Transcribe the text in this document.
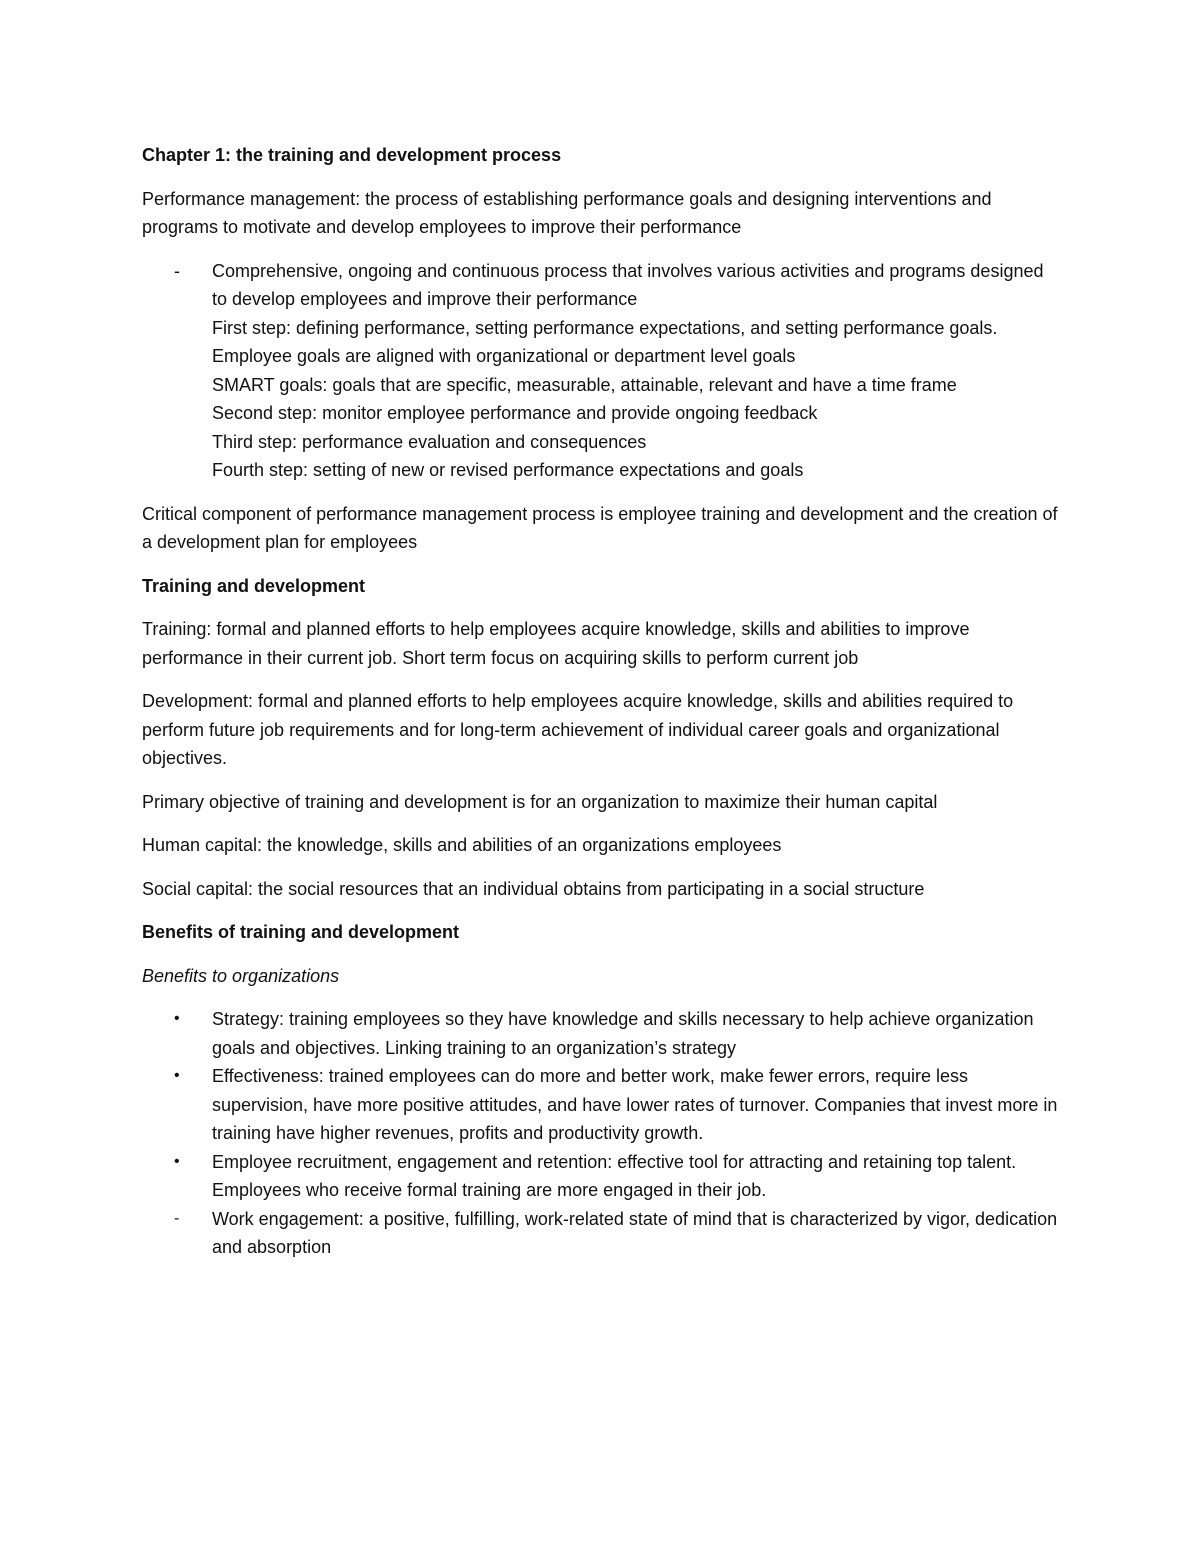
Chapter 1: the training and development process

Performance management: the process of establishing performance goals and designing interventions and programs to motivate and develop employees to improve their performance

- Comprehensive, ongoing and continuous process that involves various activities and programs designed to develop employees and improve their performance
First step: defining performance, setting performance expectations, and setting performance goals. Employee goals are aligned with organizational or department level goals
SMART goals: goals that are specific, measurable, attainable, relevant and have a time frame
Second step: monitor employee performance and provide ongoing feedback
Third step: performance evaluation and consequences
Fourth step: setting of new or revised performance expectations and goals

Critical component of performance management process is employee training and development and the creation of a development plan for employees

Training and development

Training: formal and planned efforts to help employees acquire knowledge, skills and abilities to improve performance in their current job. Short term focus on acquiring skills to perform current job

Development: formal and planned efforts to help employees acquire knowledge, skills and abilities required to perform future job requirements and for long-term achievement of individual career goals and organizational objectives.

Primary objective of training and development is for an organization to maximize their human capital

Human capital: the knowledge, skills and abilities of an organizations employees

Social capital: the social resources that an individual obtains from participating in a social structure

Benefits of training and development

Benefits to organizations

• Strategy: training employees so they have knowledge and skills necessary to help achieve organization goals and objectives. Linking training to an organization’s strategy
• Effectiveness: trained employees can do more and better work, make fewer errors, require less supervision, have more positive attitudes, and have lower rates of turnover. Companies that invest more in training have higher revenues, profits and productivity growth.
• Employee recruitment, engagement and retention: effective tool for attracting and retaining top talent. Employees who receive formal training are more engaged in their job.
- Work engagement: a positive, fulfilling, work-related state of mind that is characterized by vigor, dedication and absorption
